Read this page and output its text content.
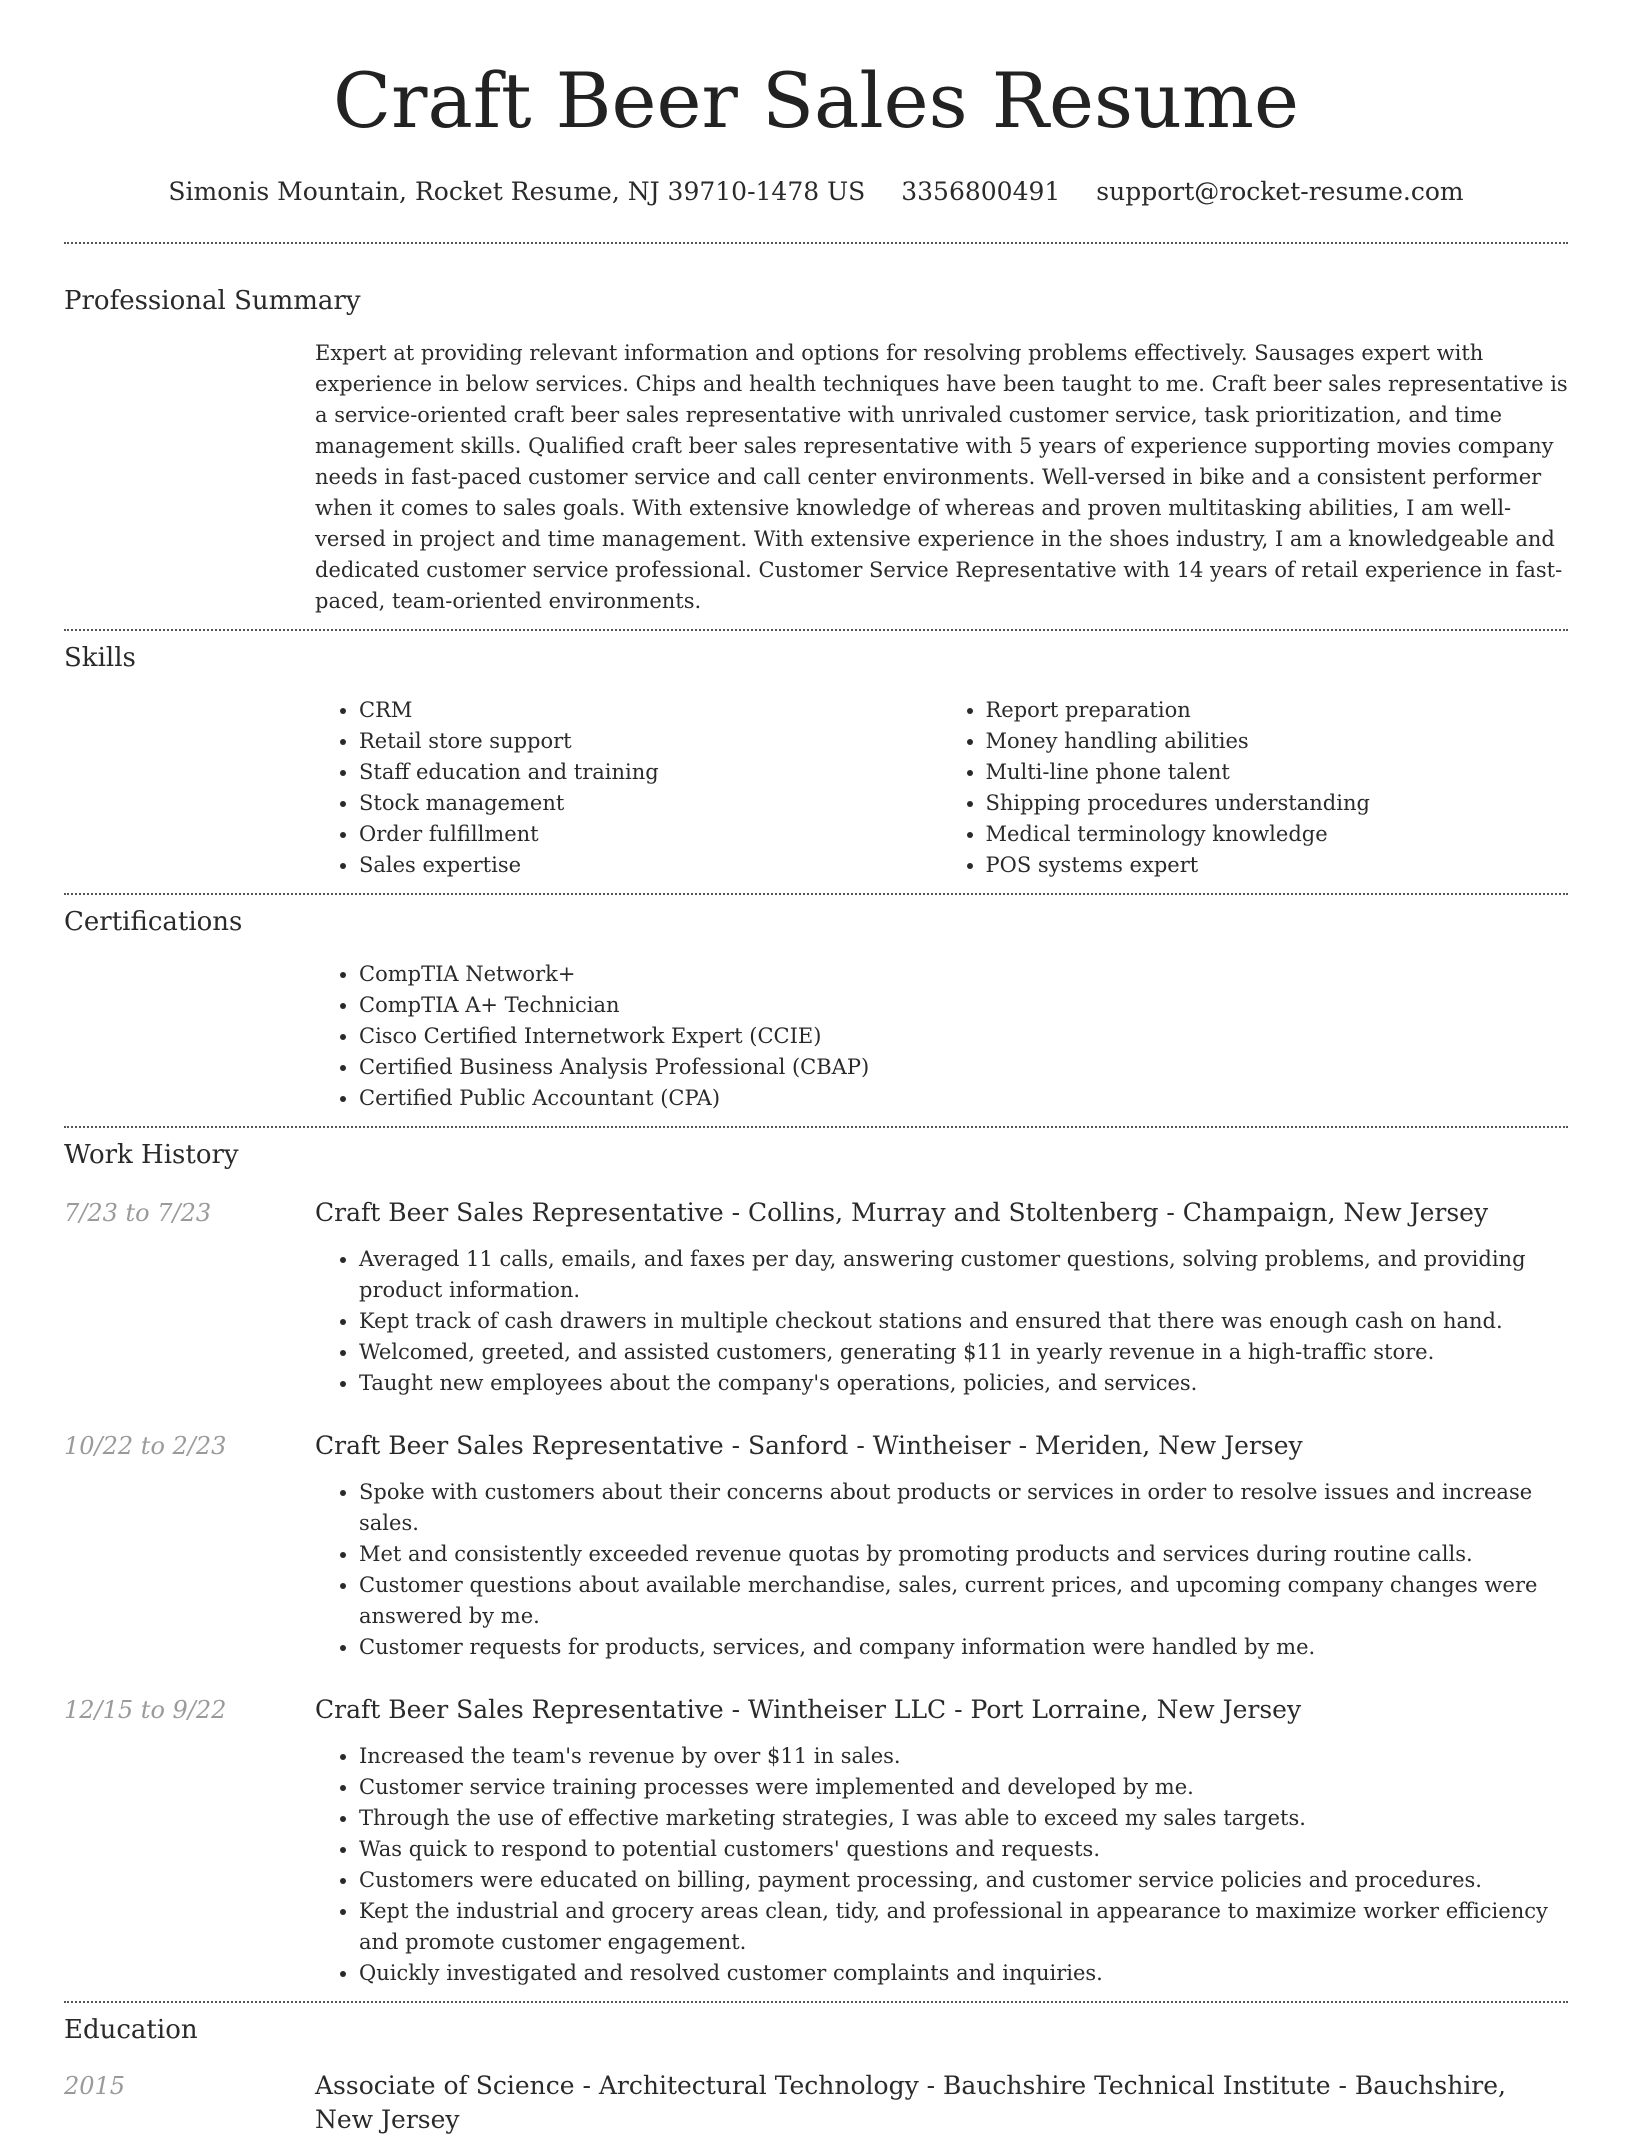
Craft Beer Sales Resume
Simonis Mountain, Rocket Resume, NJ 39710-1478 US 3356800491 support@rocket-resume.com
Professional Summary

Expert at providing relevant information and options for resolving problems effectively. Sausages expert with experience in below services. Chips and health techniques have been taught to me. Craft beer sales representative is a service-oriented craft beer sales representative with unrivaled customer service, task prioritization, and time management skills. Qualified craft beer sales representative with 5 years of experience supporting movies company needs in fast-paced customer service and call center environments. Well-versed in bike and a consistent performer when it comes to sales goals. With extensive knowledge of whereas and proven multitasking abilities, I am well-versed in project and time management. With extensive experience in the shoes industry, I am a knowledgeable and dedicated customer service professional. Customer Service Representative with 14 years of retail experience in fast-paced, team-oriented environments.

Skills
• CRM
• Retail store support
• Staff education and training
• Stock management
• Order fulfillment
• Sales expertise
• Report preparation
• Money handling abilities
• Multi-line phone talent
• Shipping procedures understanding
• Medical terminology knowledge
• POS systems expert
Certifications
• CompTIA Network+
• CompTIA A+ Technician
• Cisco Certified Internetwork Expert (CCIE)
• Certified Business Analysis Professional (CBAP)
• Certified Public Accountant (CPA)
Work History
7/23 to 7/23	Craft Beer Sales Representative - Collins, Murray and Stoltenberg - Champaign, New Jersey
• Averaged 11 calls, emails, and faxes per day, answering customer questions, solving problems, and providing product information.
• Kept track of cash drawers in multiple checkout stations and ensured that there was enough cash on hand.
• Welcomed, greeted, and assisted customers, generating $11 in yearly revenue in a high-traffic store.
• Taught new employees about the company's operations, policies, and services.
10/22 to 2/23	Craft Beer Sales Representative - Sanford - Wintheiser - Meriden, New Jersey
• Spoke with customers about their concerns about products or services in order to resolve issues and increase sales.
• Met and consistently exceeded revenue quotas by promoting products and services during routine calls.
• Customer questions about available merchandise, sales, current prices, and upcoming company changes were answered by me.
• Customer requests for products, services, and company information were handled by me.
12/15 to 9/22	Craft Beer Sales Representative - Wintheiser LLC - Port Lorraine, New Jersey
• Increased the team's revenue by over $11 in sales.
• Customer service training processes were implemented and developed by me.
• Through the use of effective marketing strategies, I was able to exceed my sales targets.
• Was quick to respond to potential customers' questions and requests.
• Customers were educated on billing, payment processing, and customer service policies and procedures.
• Kept the industrial and grocery areas clean, tidy, and professional in appearance to maximize worker efficiency and promote customer engagement.
• Quickly investigated and resolved customer complaints and inquiries.
Education
2015	Associate of Science - Architectural Technology - Bauchshire Technical Institute - Bauchshire, New Jersey
